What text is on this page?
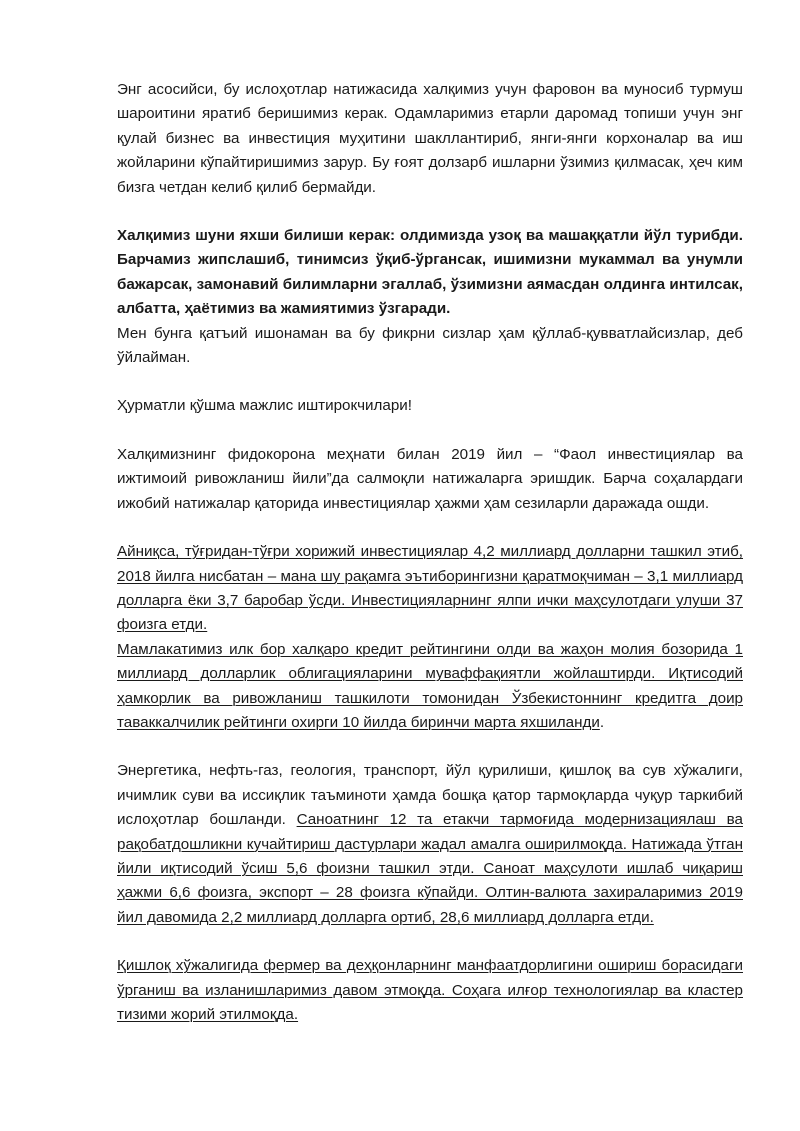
Энг асосийси, бу ислоҳотлар натижасида халқимиз учун фаровон ва муносиб турмуш шароитини яратиб беришимиз керак. Одамларимиз етарли даромад топиши учун энг қулай бизнес ва инвестиция муҳитини шакллантириб, янги-янги корхоналар ва иш жойларини кўпайтиришимиз зарур. Бу ғоят долзарб ишларни ўзимиз қилмасак, ҳеч ким бизга четдан келиб қилиб бермайди.

Халқимиз шуни яхши билиши керак: олдимизда узоқ ва машаққатли йўл турибди. Барчамиз жипслашиб, тинимсиз ўқиб-ўргансак, ишимизни мукаммал ва унумли бажарсак, замонавий билимларни эгаллаб, ўзимизни аямасдан олдинга интилсак, албатта, ҳаётимиз ва жамиятимиз ўзгаради.
Мен бунга қатъий ишонаман ва бу фикрни сизлар ҳам қўллаб-қувватлайсизлар, деб ўйлайман.

Ҳурматли қўшма мажлис иштирокчилари!

Халқимизнинг фидокорона меҳнати билан 2019 йил – “Фаол инвестициялар ва ижтимоий ривожланиш йили”да салмоқли натижаларга эришдик. Барча соҳалардаги ижобий натижалар қаторида инвестициялар ҳажми ҳам сезиларли даражада ошди.

Айниқса, тўғридан-тўғри хорижий инвестициялар 4,2 миллиард долларни ташкил этиб, 2018 йилга нисбатан – мана шу рақамга эътиборингизни қаратмоқчиман – 3,1 миллиард долларга ёки 3,7 баробар ўсди. Инвестицияларнинг ялпи ички маҳсулотдаги улуши 37 фоизга етди.
Мамлакатимиз илк бор халқаро кредит рейтингини олди ва жаҳон молия бозорида 1 миллиард долларлик облигацияларини муваффақиятли жойлаштирди. Иқтисодий ҳамкорлик ва ривожланиш ташкилоти томонидан Ўзбекистоннинг кредитга доир таваккалчилик рейтинги охирги 10 йилда биринчи марта яхшиланди.

Энергетика, нефть-газ, геология, транспорт, йўл қурилиши, қишлоқ ва сув хўжалиги, ичимлик суви ва иссиқлик таъминоти ҳамда бошқа қатор тармоқларда чуқур таркибий ислоҳотлар бошланди. Саноатнинг 12 та етакчи тармоғида модернизациялаш ва рақобатдошликни кучайтириш дастурлари жадал амалга оширилмоқда. Натижада ўтган йили иқтисодий ўсиш 5,6 фоизни ташкил этди. Саноат маҳсулоти ишлаб чиқариш ҳажми 6,6 фоизга, экспорт – 28 фоизга кўпайди. Олтин-валюта захираларимиз 2019 йил давомида 2,2 миллиард долларга ортиб, 28,6 миллиард долларга етди.

Қишлоқ хўжалигида фермер ва деҳқонларнинг манфаатдорлигини ошириш борасидаги ўрганиш ва изланишларимиз давом этмоқда. Соҳага илғор технологиялар ва кластер тизими жорий этилмоқда.
